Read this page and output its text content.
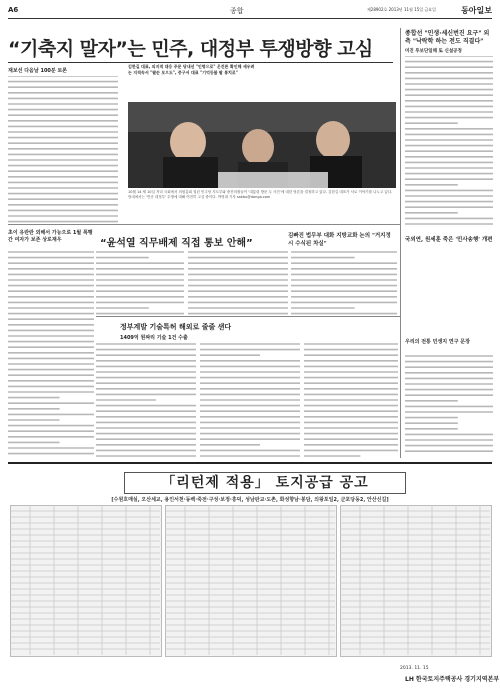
A6	종합	제28902호 2013년 11월 15일 금요일	동아일보
“기축지 말자”는 민주, 대정부 투쟁방향 고심
재보선 다음날 100분 토론
김한길 대표, 의지적 대응 주문 당내선 "인명으로" 온건론 확인해 세우려는 지적속서 "팔순 모으도", 중구서 대표 "기억등불 팔 통치로"
10월 14 제 10일 저녁 국회에서 의원총회 열린 민주당 지도부와 중진의원들이 ‘대통령 방문 두 사건’에 대한 당론을 결정하고 있다. 김한길 대표가 서로 이야기를 나누고 있다. 당내에서는 '반공 대정부' 투쟁에 대해 여전히 고심 중이다. 박영대 기자 sakbu@donga.com
종합선 "민생·세신번진 요구" 외측 "낙락학 하는 전도 직결다"
미진 투보단일해 또 신설공정
초이 유란란 외해서 가능으로 1월 폭행간 여자가 보존 상로재우	“윤석열 직무배제 직접 통보 안해”
김빠진 법무부 대화 지방교화 논의 "거지정시 수식된 차실"
정부계발 기술특허 해외로 줄줄 샌다
1409억 원짜리 기술 1건 수출
국외연, 원세훈 죽은 '민사송행' 개편
우리의 전통 민생지 연구 문장
「리턴제 적용」 토지공급 공고
[수원호매실, 오산세교, 용인서천·동백·죽전·구성·보정·흥덕, 성남판교·도촌, 화성향남·봉담, 의왕포일2, 군포당동2, 안산신길]
2013. 11. 15
LH 한국토지주택공사 경기지역본부
